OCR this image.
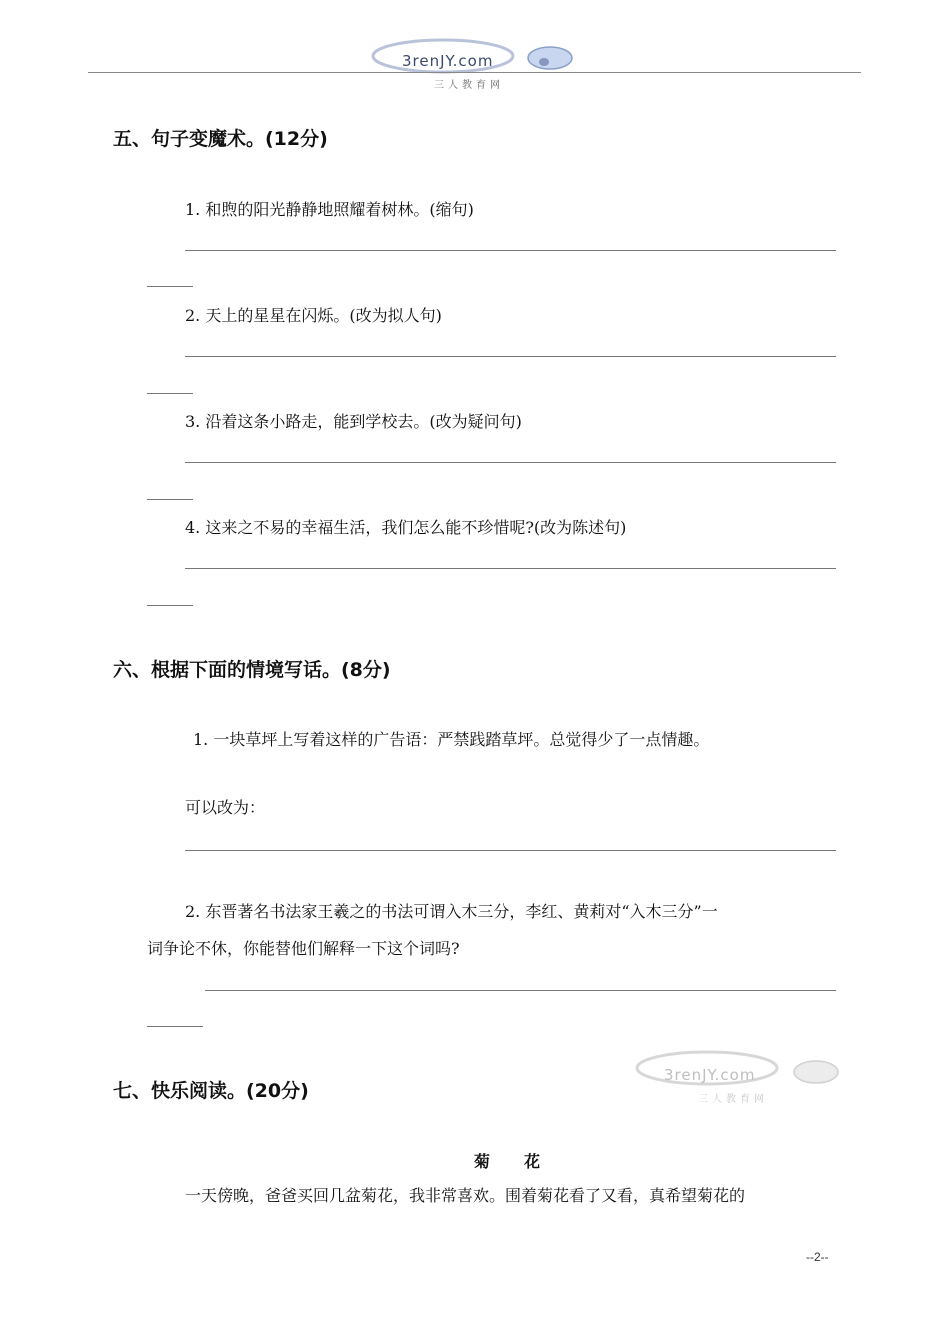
3renJY.com
三人教育网
五、句子变魔术。(12分)
1. 和煦的阳光静静地照耀着树林。(缩句)
2. 天上的星星在闪烁。(改为拟人句)
3. 沿着这条小路走，能到学校去。(改为疑问句)
4. 这来之不易的幸福生活，我们怎么能不珍惜呢?(改为陈述句)
六、根据下面的情境写话。(8分)
1. 一块草坪上写着这样的广告语：严禁践踏草坪。总觉得少了一点情趣。
可以改为：
2. 东晋著名书法家王羲之的书法可谓入木三分，李红、黄莉对“入木三分”一
词争论不休，你能替他们解释一下这个词吗?
3renJY.com
三人教育网
七、快乐阅读。(20分)
菊花
一天傍晚，爸爸买回几盆菊花，我非常喜欢。围着菊花看了又看，真希望菊花的
--2--
